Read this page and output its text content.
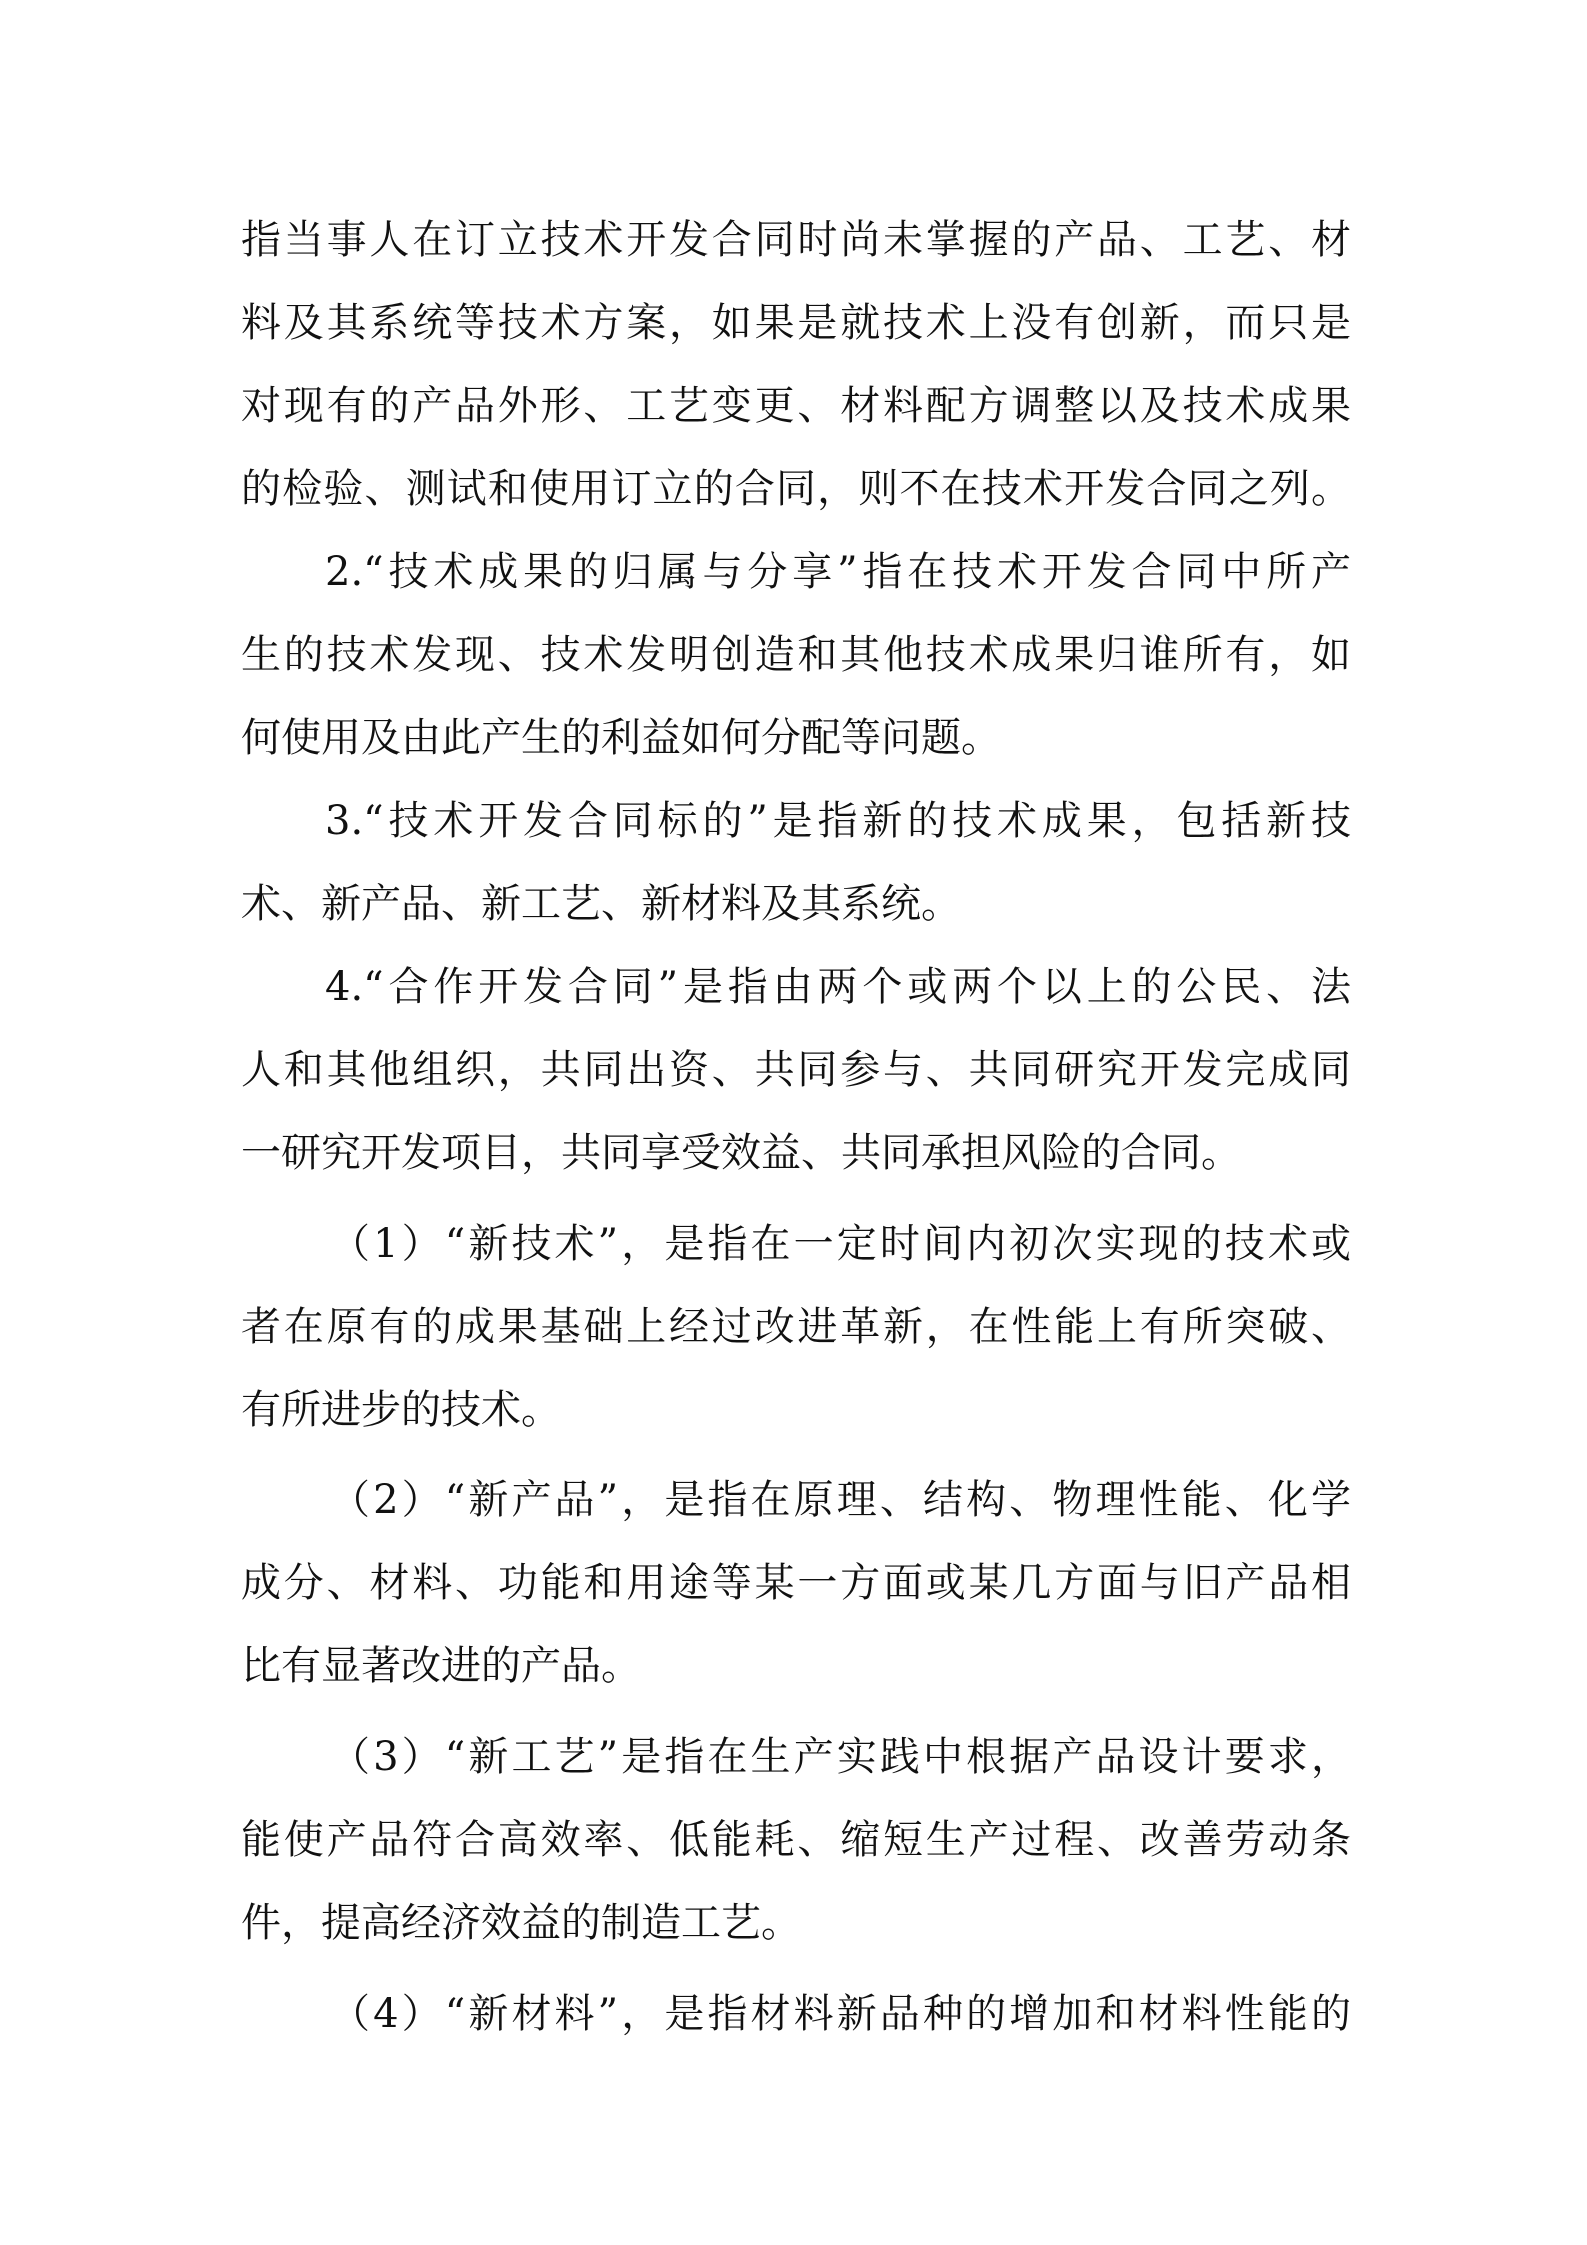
指当事人在订立技术开发合同时尚未掌握的产品、工艺、材

料及其系统等技术方案，如果是就技术上没有创新，而只是

对现有的产品外形、工艺变更、材料配方调整以及技术成果

的检验、测试和使用订立的合同，则不在技术开发合同之列。

2.“技术成果的归属与分享”指在技术开发合同中所产

生的技术发现、技术发明创造和其他技术成果归谁所有，如

何使用及由此产生的利益如何分配等问题。

3.“技术开发合同标的”是指新的技术成果，包括新技

术、新产品、新工艺、新材料及其系统。

4.“合作开发合同”是指由两个或两个以上的公民、法

人和其他组织，共同出资、共同参与、共同研究开发完成同

一研究开发项目，共同享受效益、共同承担风险的合同。

（1）“新技术”，是指在一定时间内初次实现的技术或

者在原有的成果基础上经过改进革新，在性能上有所突破、

有所进步的技术。

（2）“新产品”，是指在原理、结构、物理性能、化学

成分、材料、功能和用途等某一方面或某几方面与旧产品相

比有显著改进的产品。

（3）“新工艺”是指在生产实践中根据产品设计要求，

能使产品符合高效率、低能耗、缩短生产过程、改善劳动条

件，提高经济效益的制造工艺。

（4）“新材料”，是指材料新品种的增加和材料性能的
